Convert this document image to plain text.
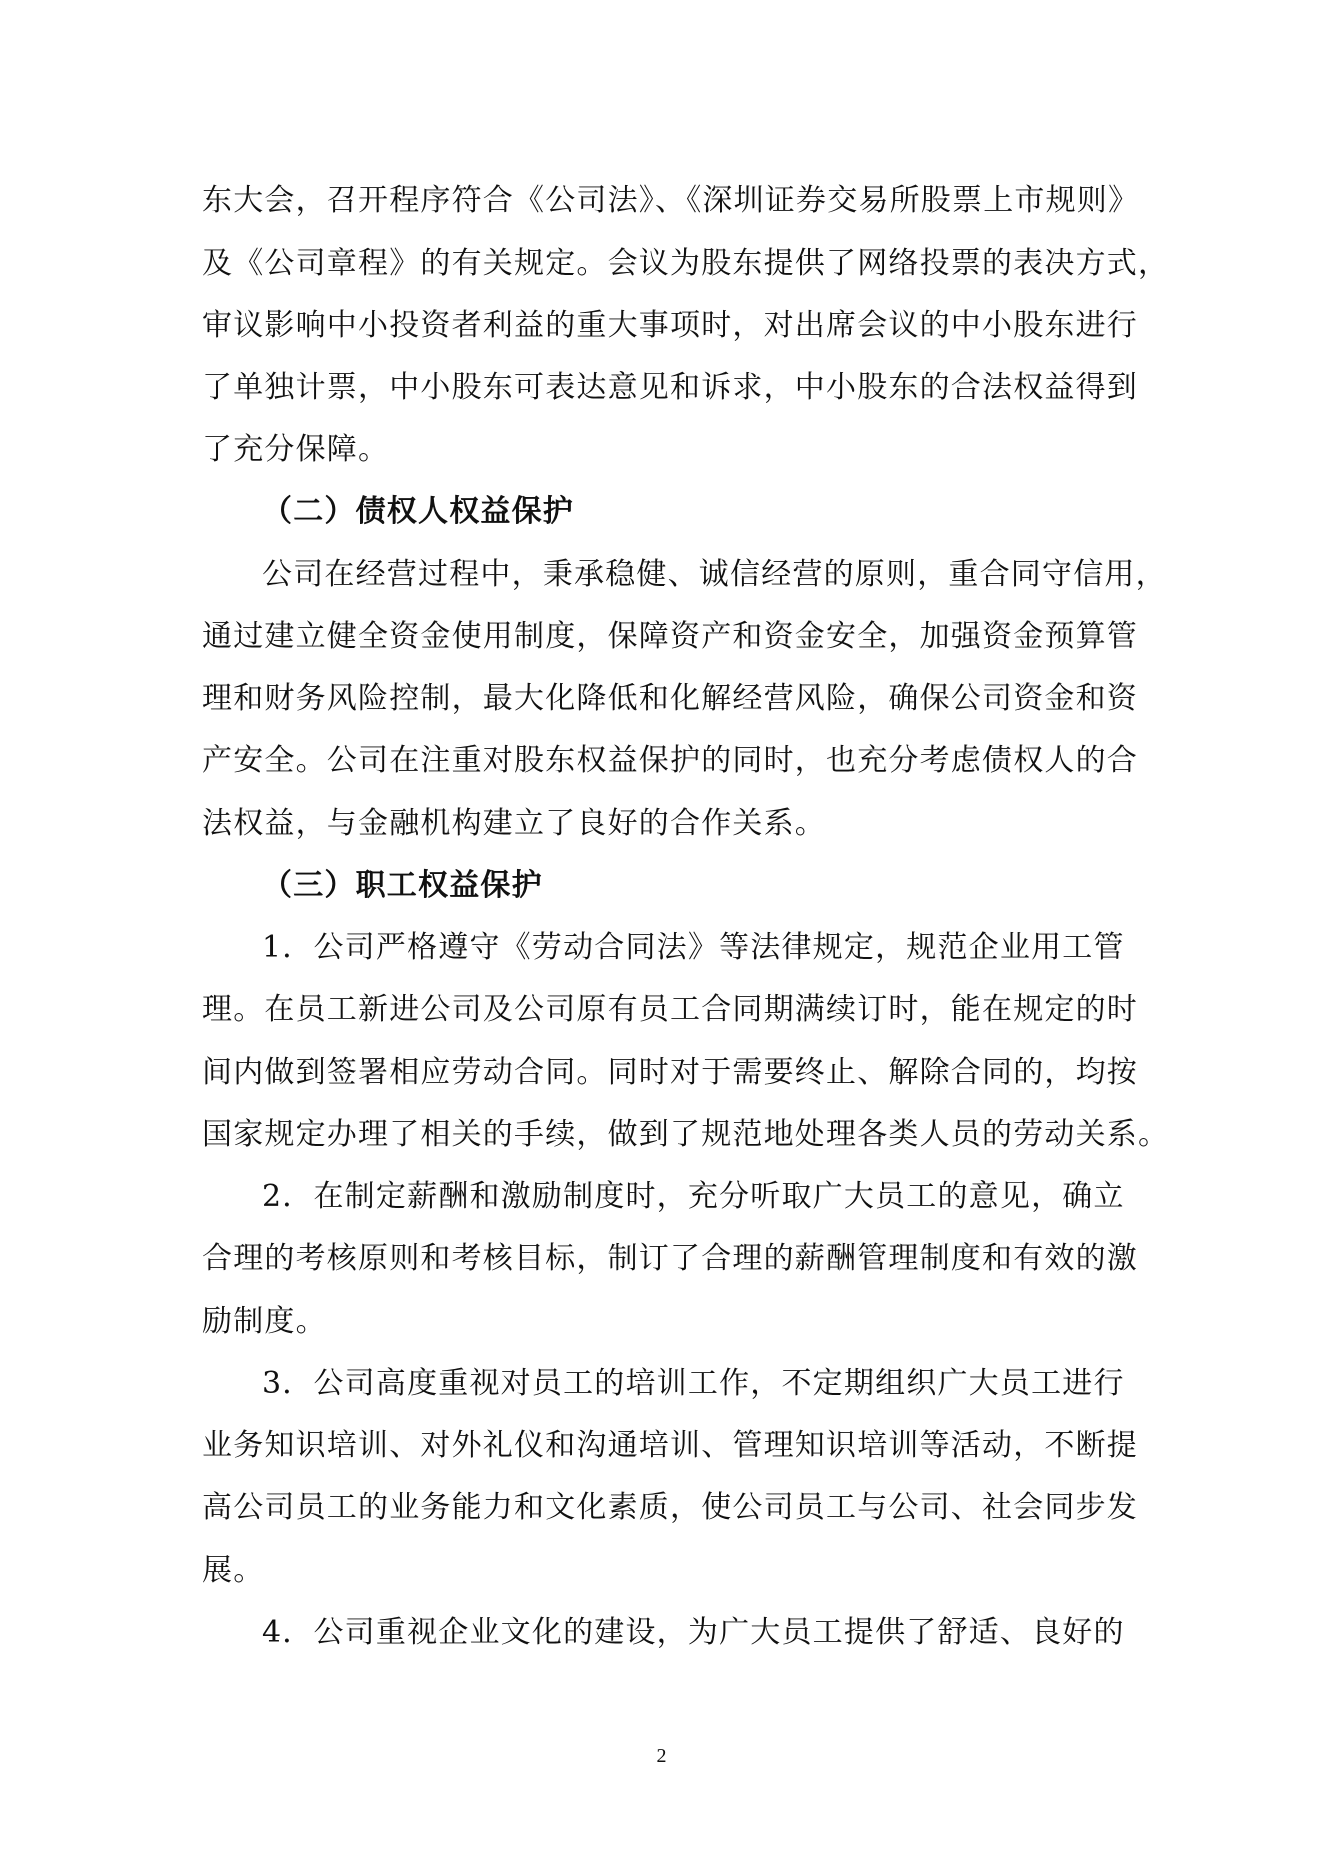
东大会，召开程序符合《公司法》、《深圳证券交易所股票上市规则》
及《公司章程》的有关规定。会议为股东提供了网络投票的表决方式，
审议影响中小投资者利益的重大事项时，对出席会议的中小股东进行
了单独计票，中小股东可表达意见和诉求，中小股东的合法权益得到
了充分保障。
（二）债权人权益保护
公司在经营过程中，秉承稳健、诚信经营的原则，重合同守信用，
通过建立健全资金使用制度，保障资产和资金安全，加强资金预算管
理和财务风险控制，最大化降低和化解经营风险，确保公司资金和资
产安全。公司在注重对股东权益保护的同时，也充分考虑债权人的合
法权益，与金融机构建立了良好的合作关系。
（三）职工权益保护
1．公司严格遵守《劳动合同法》等法律规定，规范企业用工管
理。在员工新进公司及公司原有员工合同期满续订时，能在规定的时
间内做到签署相应劳动合同。同时对于需要终止、解除合同的，均按
国家规定办理了相关的手续，做到了规范地处理各类人员的劳动关系。
2．在制定薪酬和激励制度时，充分听取广大员工的意见，确立
合理的考核原则和考核目标，制订了合理的薪酬管理制度和有效的激
励制度。
3．公司高度重视对员工的培训工作，不定期组织广大员工进行
业务知识培训、对外礼仪和沟通培训、管理知识培训等活动，不断提
高公司员工的业务能力和文化素质，使公司员工与公司、社会同步发
展。
4．公司重视企业文化的建设，为广大员工提供了舒适、良好的
2
